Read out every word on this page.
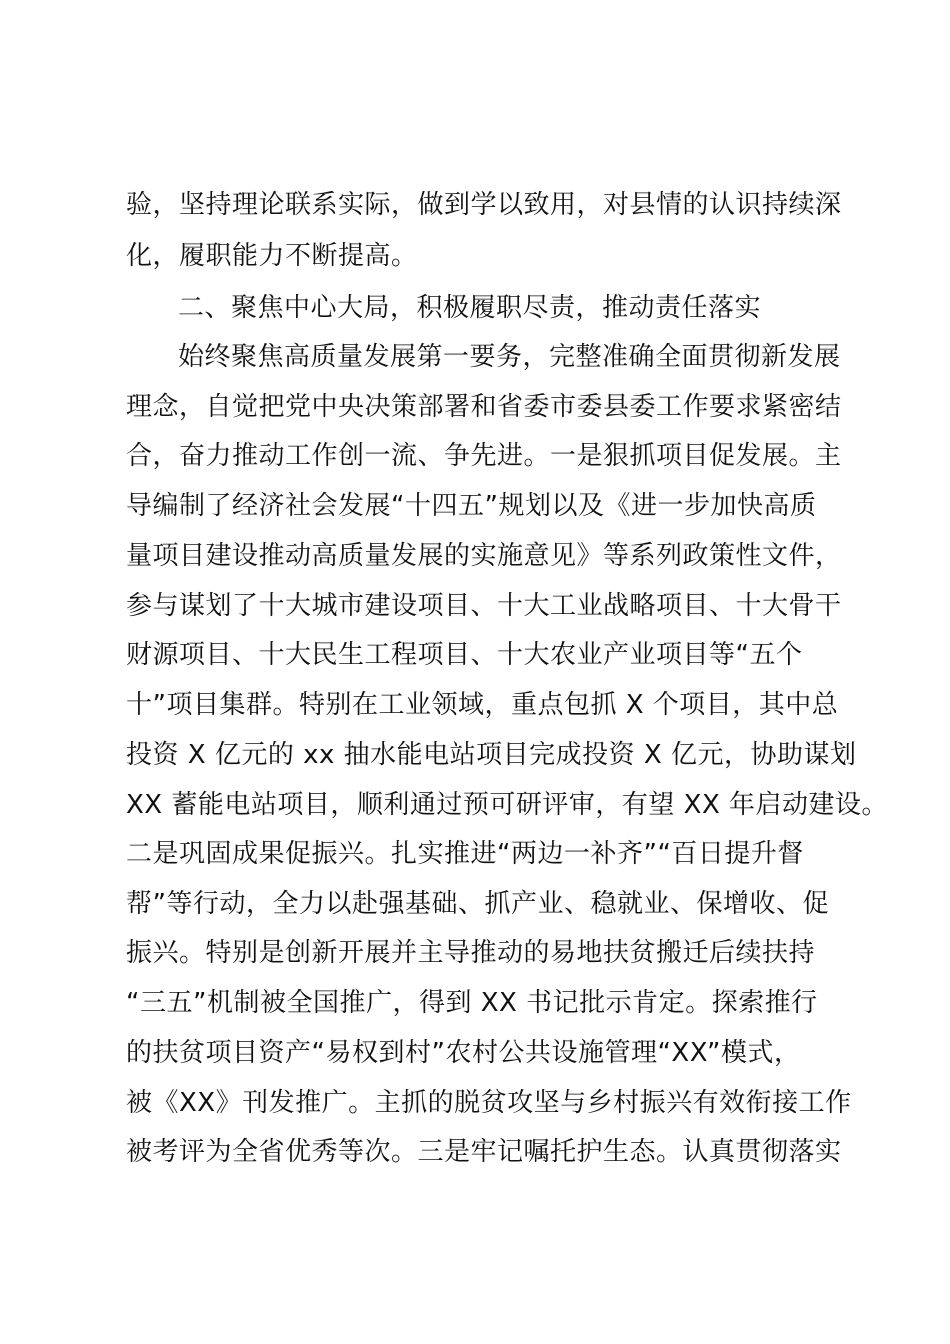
验，坚持理论联系实际，做到学以致用，对县情的认识持续深
化，履职能力不断提高。
二、聚焦中心大局，积极履职尽责，推动责任落实
始终聚焦高质量发展第一要务，完整准确全面贯彻新发展
理念，自觉把党中央决策部署和省委市委县委工作要求紧密结
合，奋力推动工作创一流、争先进。一是狠抓项目促发展。主
导编制了经济社会发展“十四五”规划以及《进一步加快高质
量项目建设推动高质量发展的实施意见》等系列政策性文件，
参与谋划了十大城市建设项目、十大工业战略项目、十大骨干
财源项目、十大民生工程项目、十大农业产业项目等“五个
十”项目集群。特别在工业领域，重点包抓 X 个项目，其中总
投资 X 亿元的 xx 抽水能电站项目完成投资 X 亿元，协助谋划
XX 蓄能电站项目，顺利通过预可研评审，有望 XX 年启动建设。
二是巩固成果促振兴。扎实推进“两边一补齐”“百日提升督
帮”等行动，全力以赴强基础、抓产业、稳就业、保增收、促
振兴。特别是创新开展并主导推动的易地扶贫搬迁后续扶持
“三五”机制被全国推广，得到 XX 书记批示肯定。探索推行
的扶贫项目资产“易权到村”农村公共设施管理“XX”模式，
被《XX》刊发推广。主抓的脱贫攻坚与乡村振兴有效衔接工作
被考评为全省优秀等次。三是牢记嘱托护生态。认真贯彻落实
